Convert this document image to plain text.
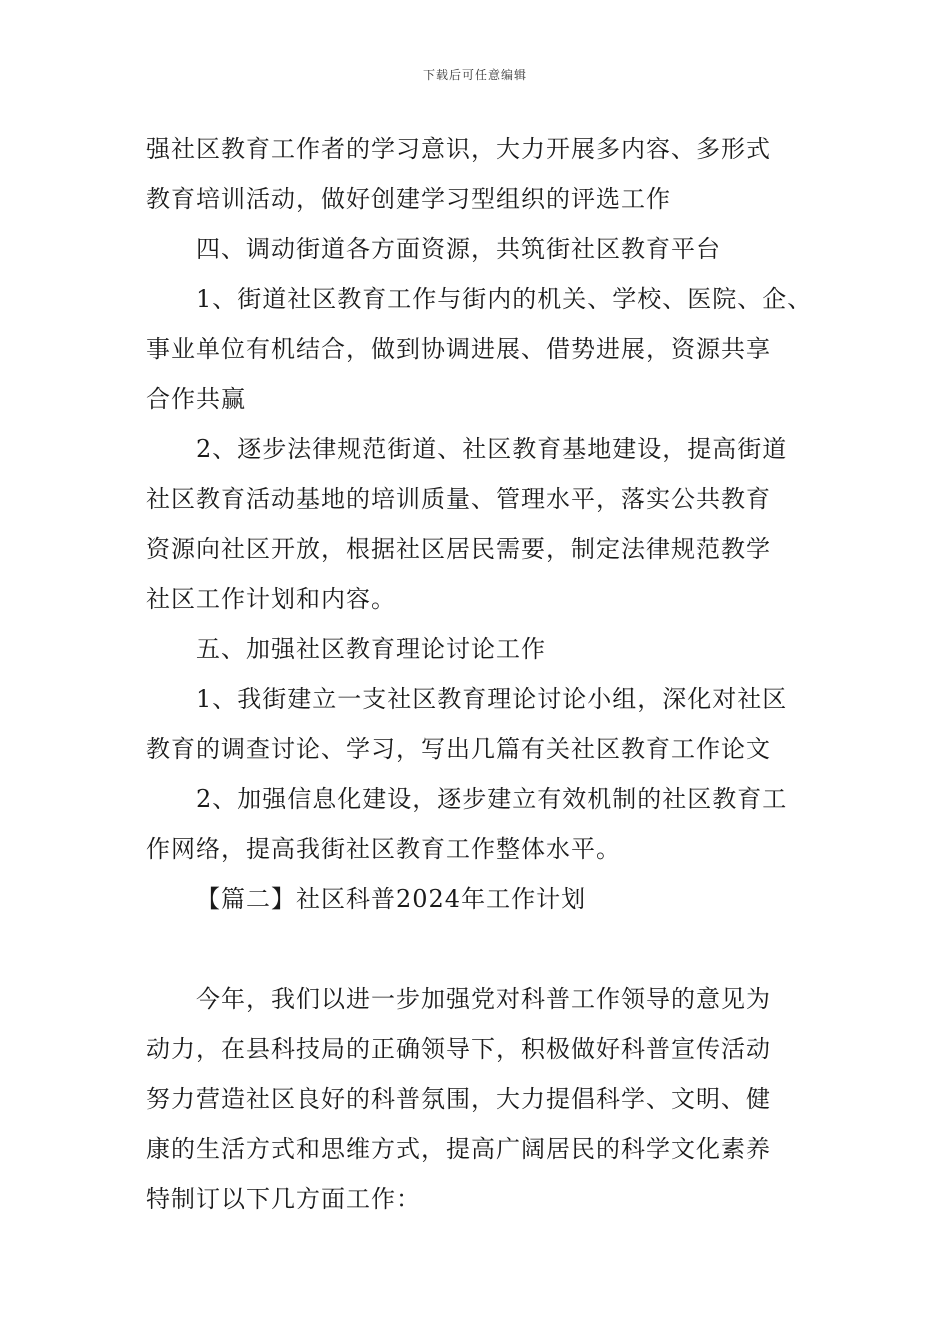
下载后可任意编辑
强社区教育工作者的学习意识，大力开展多内容、多形式
教育培训活动，做好创建学习型组织的评选工作
四、调动街道各方面资源，共筑街社区教育平台
1、街道社区教育工作与街内的机关、学校、医院、企、
事业单位有机结合，做到协调进展、借势进展，资源共享
合作共赢
2、逐步法律规范街道、社区教育基地建设，提高街道
社区教育活动基地的培训质量、管理水平，落实公共教育
资源向社区开放，根据社区居民需要，制定法律规范教学
社区工作计划和内容。
五、加强社区教育理论讨论工作
1、我街建立一支社区教育理论讨论小组，深化对社区
教育的调查讨论、学习，写出几篇有关社区教育工作论文
2、加强信息化建设，逐步建立有效机制的社区教育工
作网络，提高我街社区教育工作整体水平。
【篇二】社区科普2024年工作计划
今年，我们以进一步加强党对科普工作领导的意见为
动力，在县科技局的正确领导下，积极做好科普宣传活动
努力营造社区良好的科普氛围，大力提倡科学、文明、健
康的生活方式和思维方式，提高广阔居民的科学文化素养
特制订以下几方面工作：
